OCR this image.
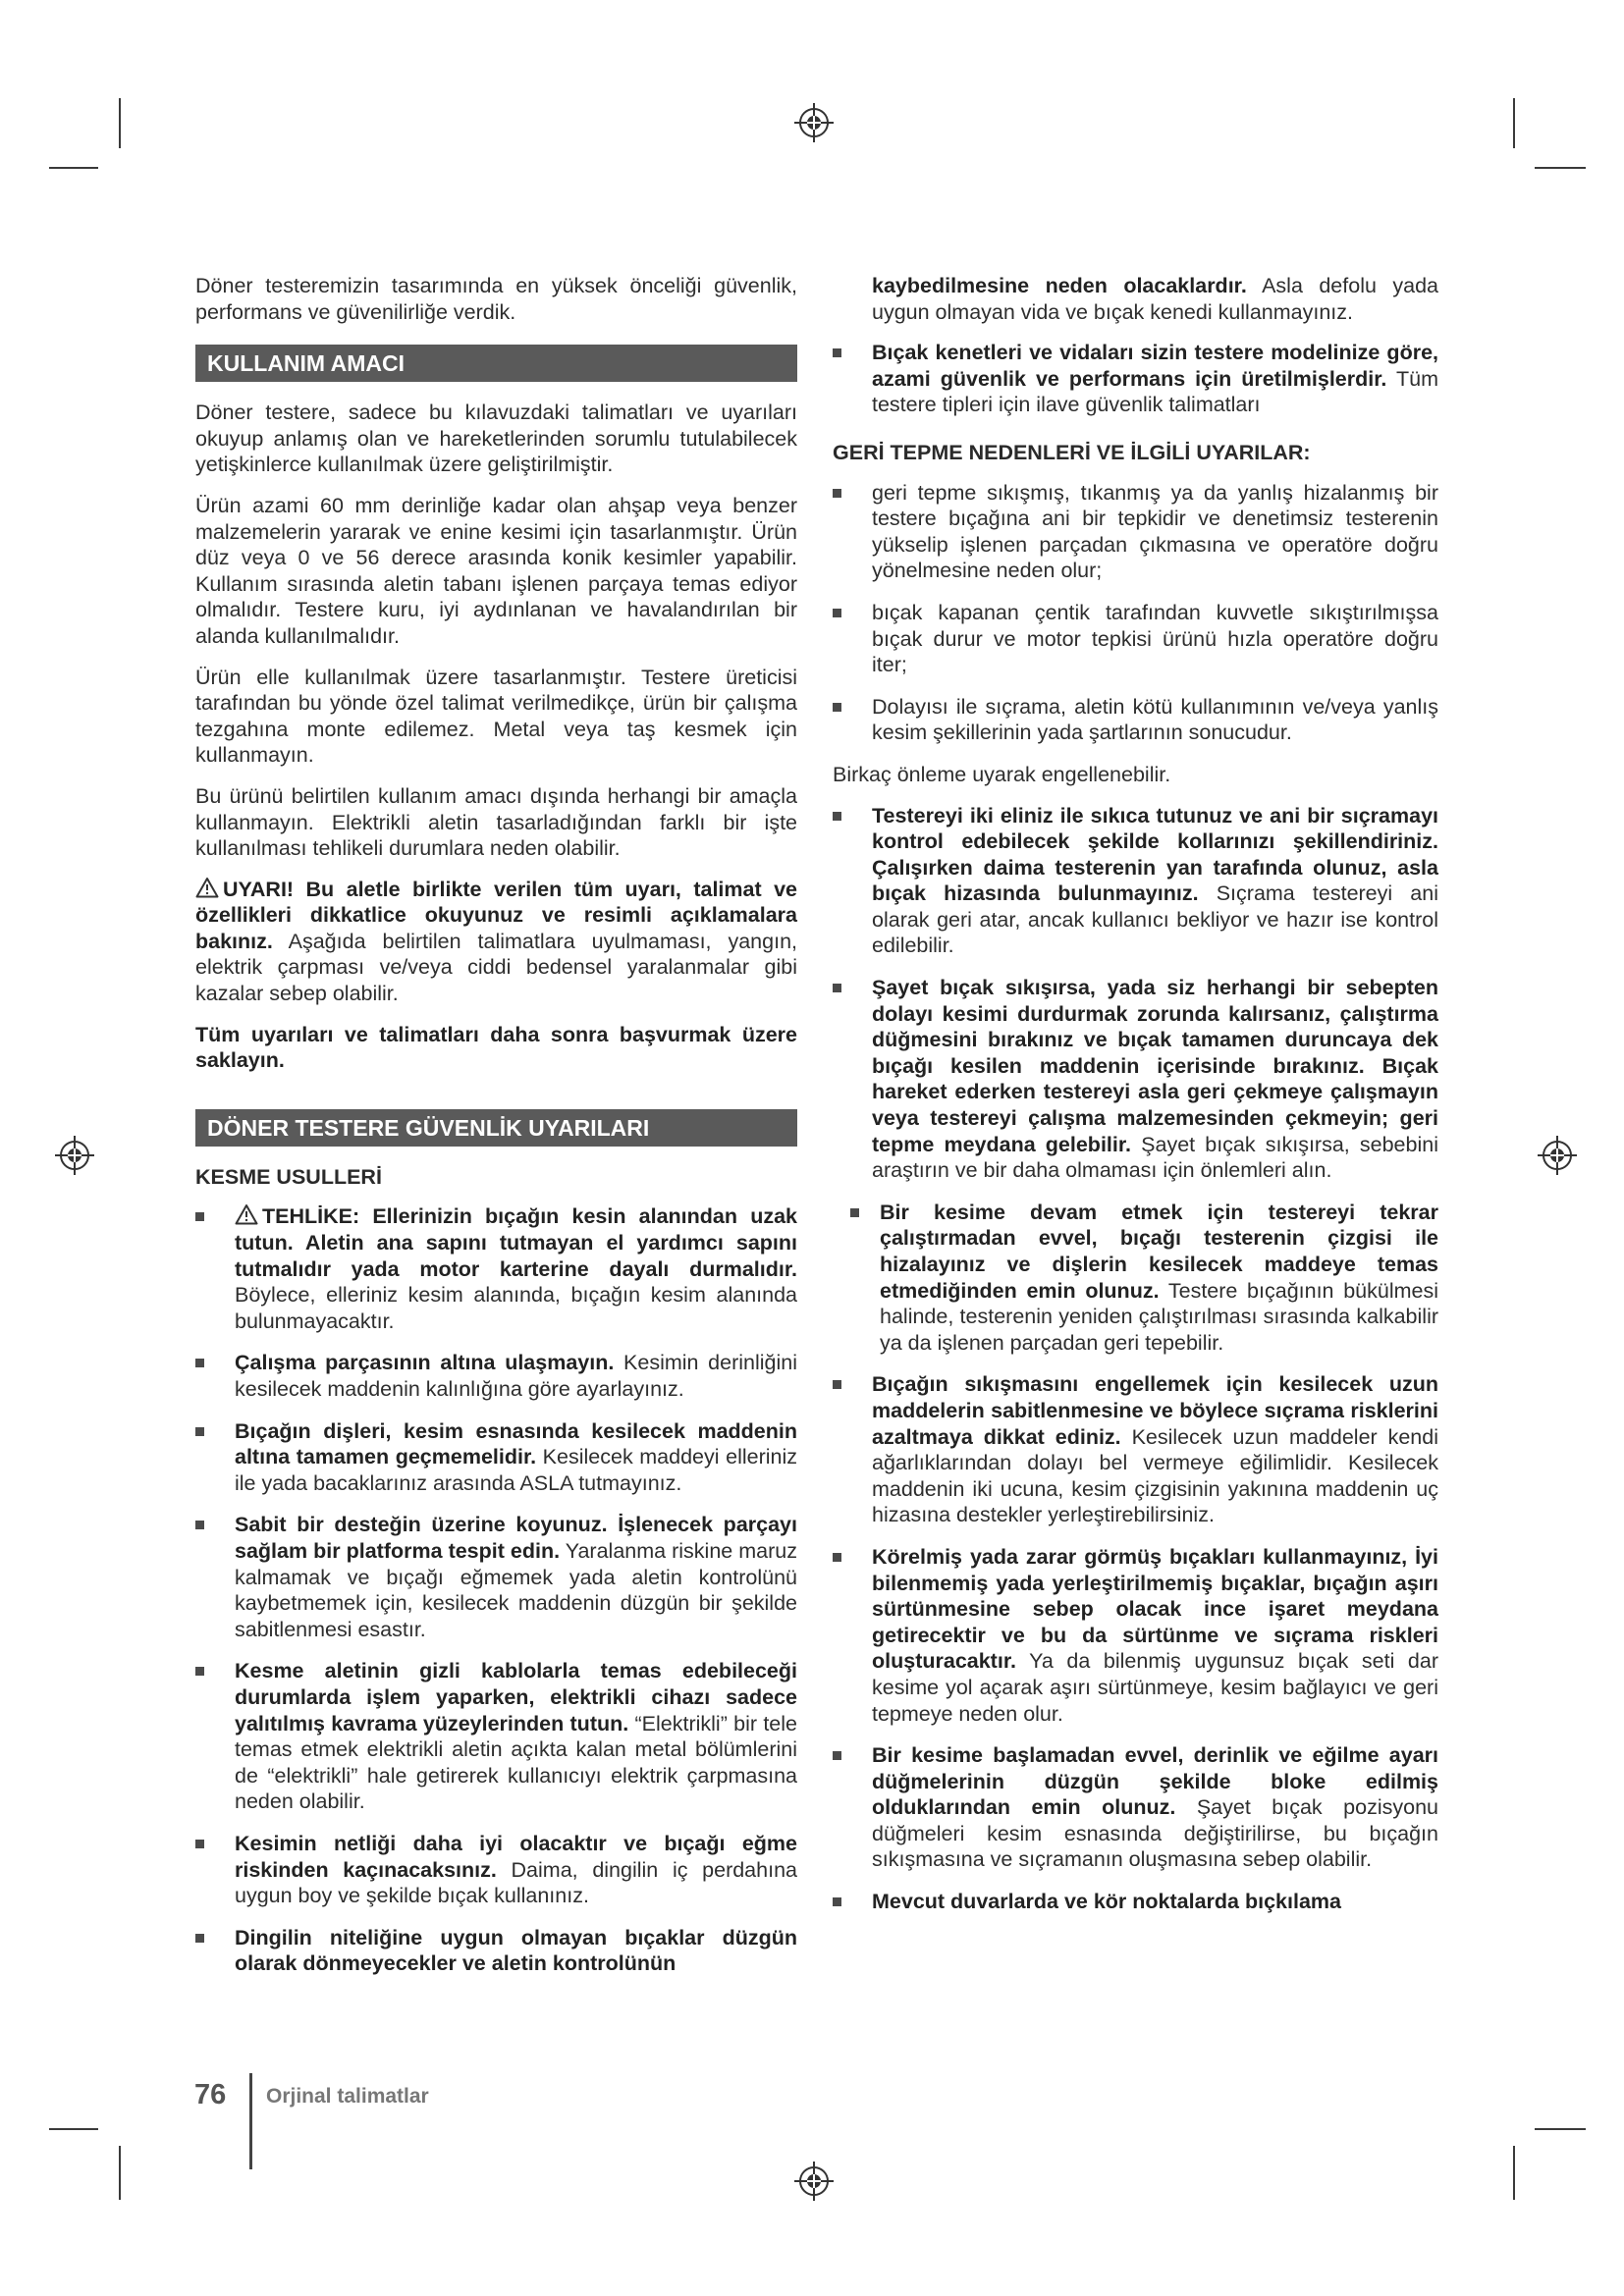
Döner testeremizin tasarımında en yüksek önceliği güvenlik, performans ve güvenilirliğe verdik.

KULLANIM AMACI

Döner testere, sadece bu kılavuzdaki talimatları ve uyarıları okuyup anlamış olan ve hareketlerinden sorumlu tutulabilecek yetişkinlerce kullanılmak üzere geliştirilmiştir.

Ürün azami 60 mm derinliğe kadar olan ahşap veya benzer malzemelerin yararak ve enine kesimi için tasarlanmıştır. Ürün düz veya 0 ve 56 derece arasında konik kesimler yapabilir. Kullanım sırasında aletin tabanı işlenen parçaya temas ediyor olmalıdır. Testere kuru, iyi aydınlanan ve havalandırılan bir alanda kullanılmalıdır.

Ürün elle kullanılmak üzere tasarlanmıştır. Testere üreticisi tarafından bu yönde özel talimat verilmedikçe, ürün bir çalışma tezgahına monte edilemez. Metal veya taş kesmek için kullanmayın.

Bu ürünü belirtilen kullanım amacı dışında herhangi bir amaçla kullanmayın. Elektrikli aletin tasarladığından farklı bir işte kullanılması tehlikeli durumlara neden olabilir.

UYARI! Bu aletle birlikte verilen tüm uyarı, talimat ve özellikleri dikkatlice okuyunuz ve resimli açıklamalara bakınız. Aşağıda belirtilen talimatlara uyulmaması, yangın, elektrik çarpması ve/veya ciddi bedensel yaralanmalar gibi kazalar sebep olabilir.

Tüm uyarıları ve talimatları daha sonra başvurmak üzere saklayın.

DÖNER TESTERE GÜVENLİK UYARILARI
KESME USULLERİ
TEHLİKE: Ellerinizin bıçağın kesin alanından uzak tutun. Aletin ana sapını tutmayan el yardımcı sapını tutmalıdır yada motor karterine dayalı durmalıdır. Böylece, elleriniz kesim alanında, bıçağın kesim alanında bulunmayacaktır.
Çalışma parçasının altına ulaşmayın. Kesimin derinliğini kesilecek maddenin kalınlığına göre ayarlayınız.
Bıçağın dişleri, kesim esnasında kesilecek maddenin altına tamamen geçmemelidir. Kesilecek maddeyi elleriniz ile yada bacaklarınız arasında ASLA tutmayınız.
Sabit bir desteğin üzerine koyunuz. İşlenecek parçayı sağlam bir platforma tespit edin. Yaralanma riskine maruz kalmamak ve bıçağı eğmemek yada aletin kontrolünü kaybetmemek için, kesilecek maddenin düzgün bir şekilde sabitlenmesi esastır.
Kesme aletinin gizli kablolarla temas edebileceği durumlarda işlem yaparken, elektrikli cihazı sadece yalıtılmış kavrama yüzeylerinden tutun. “Elektrikli” bir tele temas etmek elektrikli aletin açıkta kalan metal bölümlerini de “elektrikli” hale getirerek kullanıcıyı elektrik çarpmasına neden olabilir.
Kesimin netliği daha iyi olacaktır ve bıçağı eğme riskinden kaçınacaksınız. Daima, dingilin iç perdahına uygun boy ve şekilde bıçak kullanınız.
Dingilin niteliğine uygun olmayan bıçaklar düzgün olarak dönmeyecekler ve aletin kontrolünün

kaybedilmesine neden olacaklardır. Asla defolu yada uygun olmayan vida ve bıçak kenedi kullanmayınız.

Bıçak kenetleri ve vidaları sizin testere modelinize göre, azami güvenlik ve performans için üretilmişlerdir. Tüm testere tipleri için ilave güvenlik talimatları
GERİ TEPME NEDENLERİ VE İLGİLİ UYARILAR:
geri tepme sıkışmış, tıkanmış ya da yanlış hizalanmış bir testere bıçağına ani bir tepkidir ve denetimsiz testerenin yükselip işlenen parçadan çıkmasına ve operatöre doğru yönelmesine neden olur;
bıçak kapanan çentik tarafından kuvvetle sıkıştırılmışsa bıçak durur ve motor tepkisi ürünü hızla operatöre doğru iter;
Dolayısı ile sıçrama, aletin kötü kullanımının ve/veya yanlış kesim şekillerinin yada şartlarının sonucudur.

Birkaç önleme uyarak engellenebilir.

Testereyi iki eliniz ile sıkıca tutunuz ve ani bir sıçramayı kontrol edebilecek şekilde kollarınızı şekillendiriniz. Çalışırken daima testerenin yan tarafında olunuz, asla bıçak hizasında bulunmayınız. Sıçrama testereyi ani olarak geri atar, ancak kullanıcı bekliyor ve hazır ise kontrol edilebilir.
Şayet bıçak sıkışırsa, yada siz herhangi bir sebepten dolayı kesimi durdurmak zorunda kalırsanız, çalıştırma düğmesini bırakınız ve bıçak tamamen duruncaya dek bıçağı kesilen maddenin içerisinde bırakınız. Bıçak hareket ederken testereyi asla geri çekmeye çalışmayın veya testereyi çalışma malzemesinden çekmeyin; geri tepme meydana gelebilir. Şayet bıçak sıkışırsa, sebebini araştırın ve bir daha olmaması için önlemleri alın.
Bir kesime devam etmek için testereyi tekrar çalıştırmadan evvel, bıçağı testerenin çizgisi ile hizalayınız ve dişlerin kesilecek maddeye temas etmediğinden emin olunuz. Testere bıçağının bükülmesi halinde, testerenin yeniden çalıştırılması sırasında kalkabilir ya da işlenen parçadan geri tepebilir.
Bıçağın sıkışmasını engellemek için kesilecek uzun maddelerin sabitlenmesine ve böylece sıçrama risklerini azaltmaya dikkat ediniz. Kesilecek uzun maddeler kendi ağarlıklarından dolayı bel vermeye eğilimlidir. Kesilecek maddenin iki ucuna, kesim çizgisinin yakınına maddenin uç hizasına destekler yerleştirebilirsiniz.
Körelmiş yada zarar görmüş bıçakları kullanmayınız, İyi bilenmemiş yada yerleştirilmemiş bıçaklar, bıçağın aşırı sürtünmesine sebep olacak ince işaret meydana getirecektir ve bu da sürtünme ve sıçrama riskleri oluşturacaktır. Ya da bilenmiş uygunsuz bıçak seti dar kesime yol açarak aşırı sürtünmeye, kesim bağlayıcı ve geri tepmeye neden olur.
Bir kesime başlamadan evvel, derinlik ve eğilme ayarı düğmelerinin düzgün şekilde bloke edilmiş olduklarından emin olunuz. Şayet bıçak pozisyonu düğmeleri kesim esnasında değiştirilirse, bu bıçağın sıkışmasına ve sıçramanın oluşmasına sebep olabilir.
Mevcut duvarlarda ve kör noktalarda bıçkılama
76 Orjinal talimatlar
